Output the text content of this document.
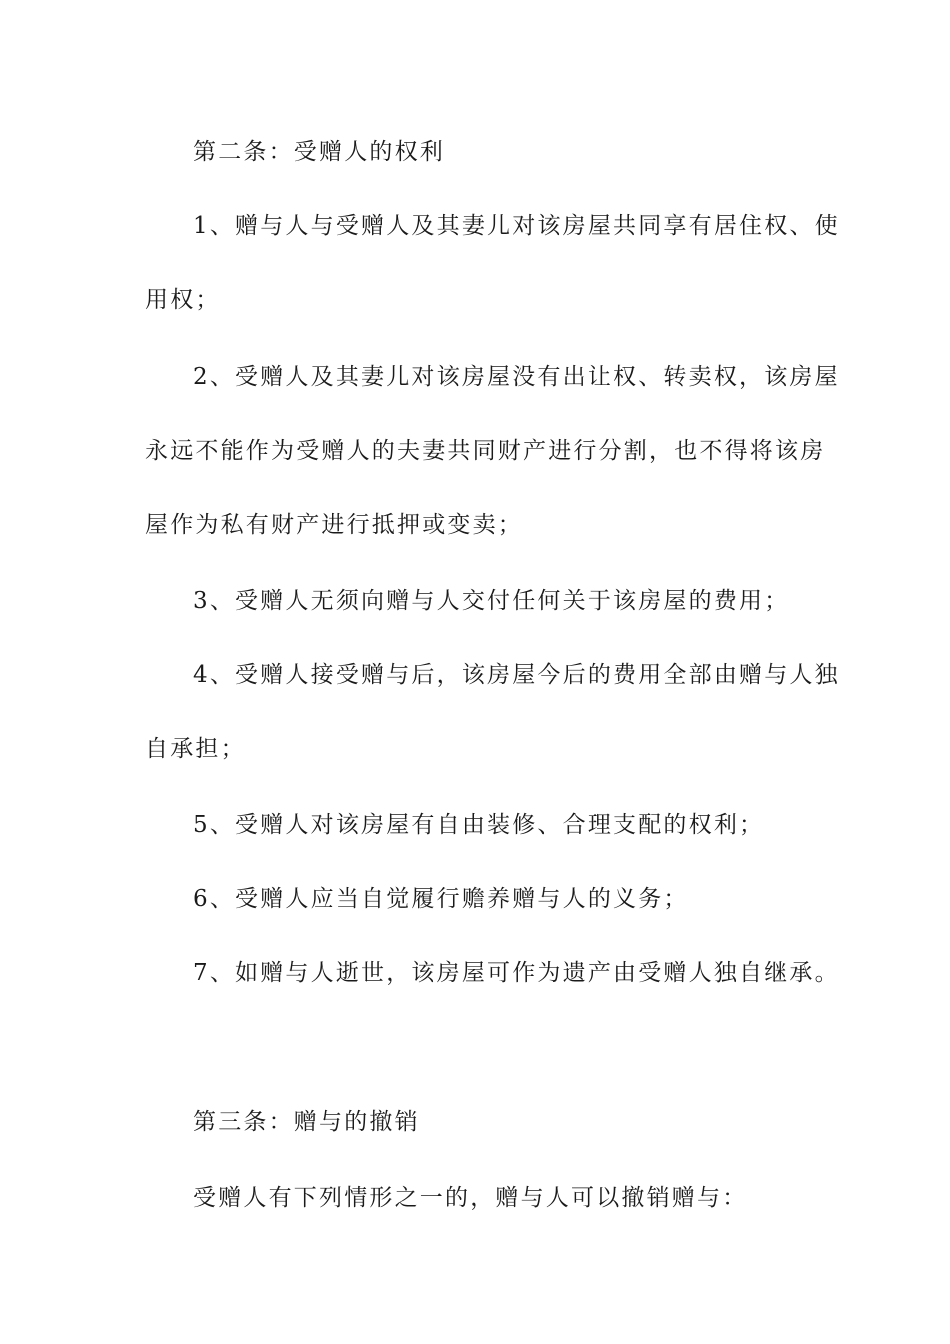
第二条：受赠人的权利
1、赠与人与受赠人及其妻儿对该房屋共同享有居住权、使
用权；
2、受赠人及其妻儿对该房屋没有出让权、转卖权，该房屋
永远不能作为受赠人的夫妻共同财产进行分割，也不得将该房
屋作为私有财产进行抵押或变卖；
3、受赠人无须向赠与人交付任何关于该房屋的费用；
4、受赠人接受赠与后，该房屋今后的费用全部由赠与人独
自承担；
5、受赠人对该房屋有自由装修、合理支配的权利；
6、受赠人应当自觉履行赡养赠与人的义务；
7、如赠与人逝世，该房屋可作为遗产由受赠人独自继承。
第三条：赠与的撤销
受赠人有下列情形之一的，赠与人可以撤销赠与：
